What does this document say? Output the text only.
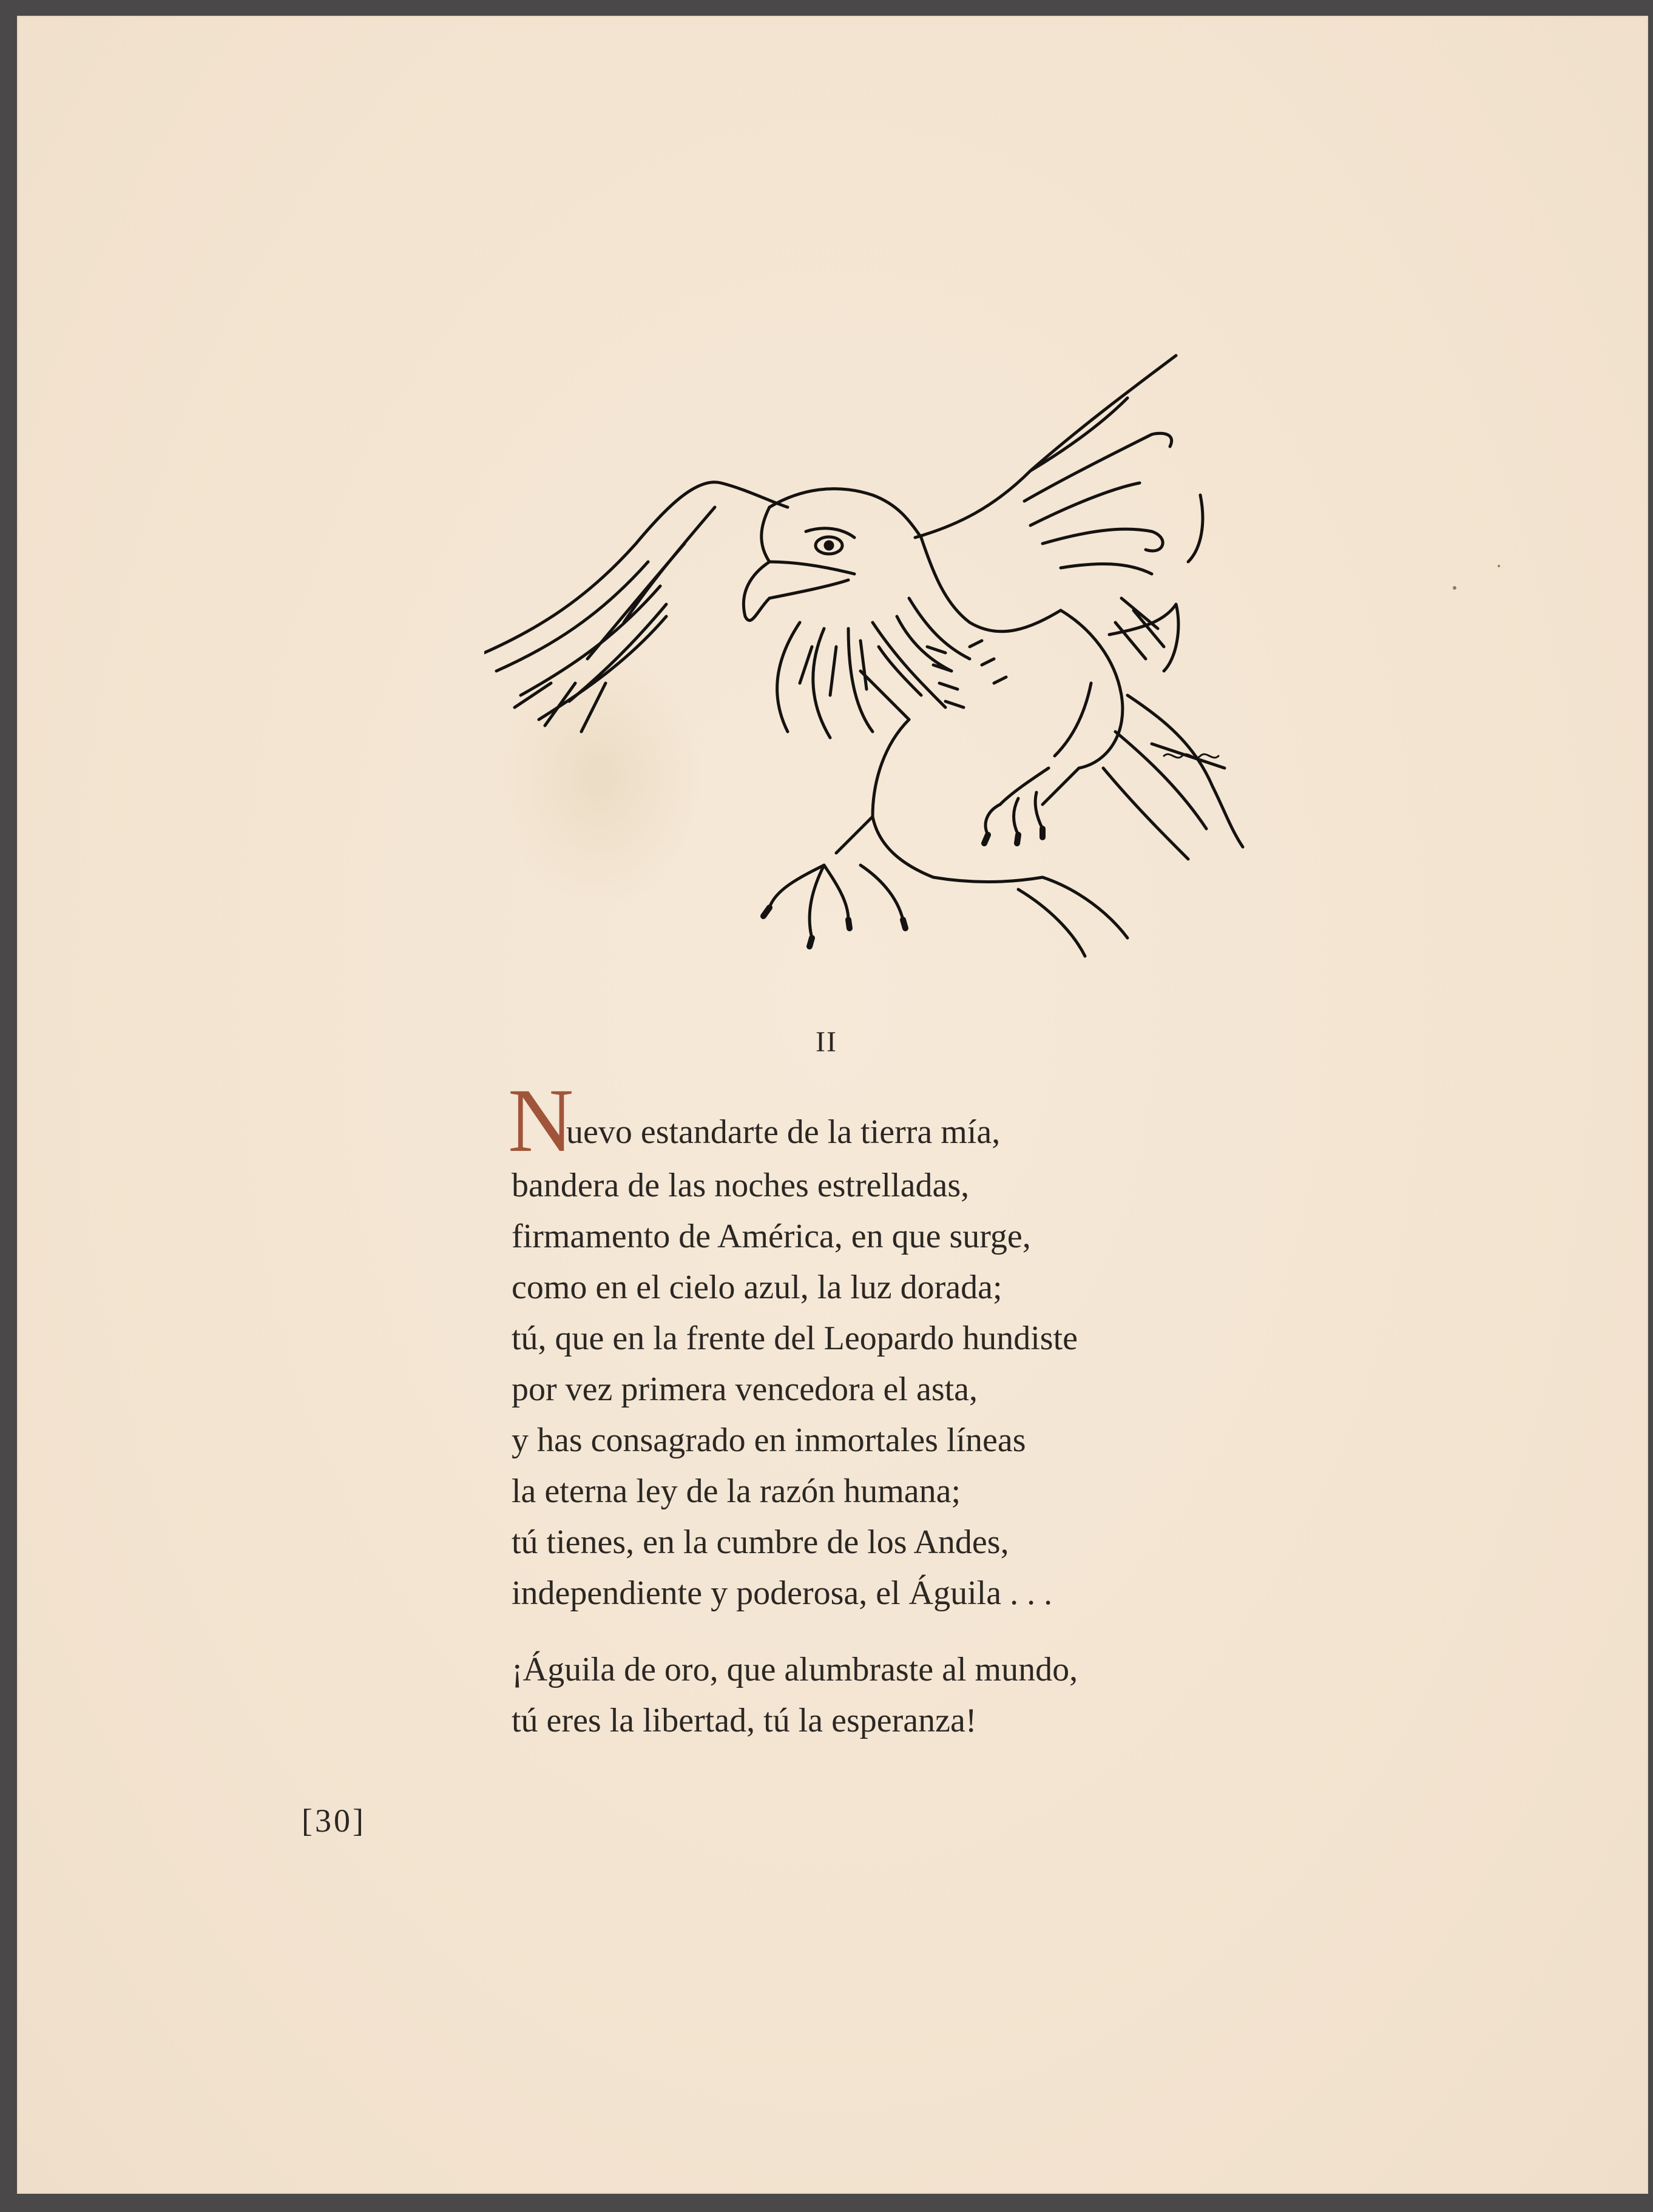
II
N
uevo estandarte de la tierra mía,
bandera de las noches estrelladas,
firmamento de América, en que surge,
como en el cielo azul, la luz dorada;
tú, que en la frente del Leopardo hundiste
por vez primera vencedora el asta,
y has consagrado en inmortales líneas
la eterna ley de la razón humana;
tú tienes, en la cumbre de los Andes,
independiente y poderosa, el Águila . . .
¡Águila de oro, que alumbraste al mundo,
tú eres la libertad, tú la esperanza!
[30]
